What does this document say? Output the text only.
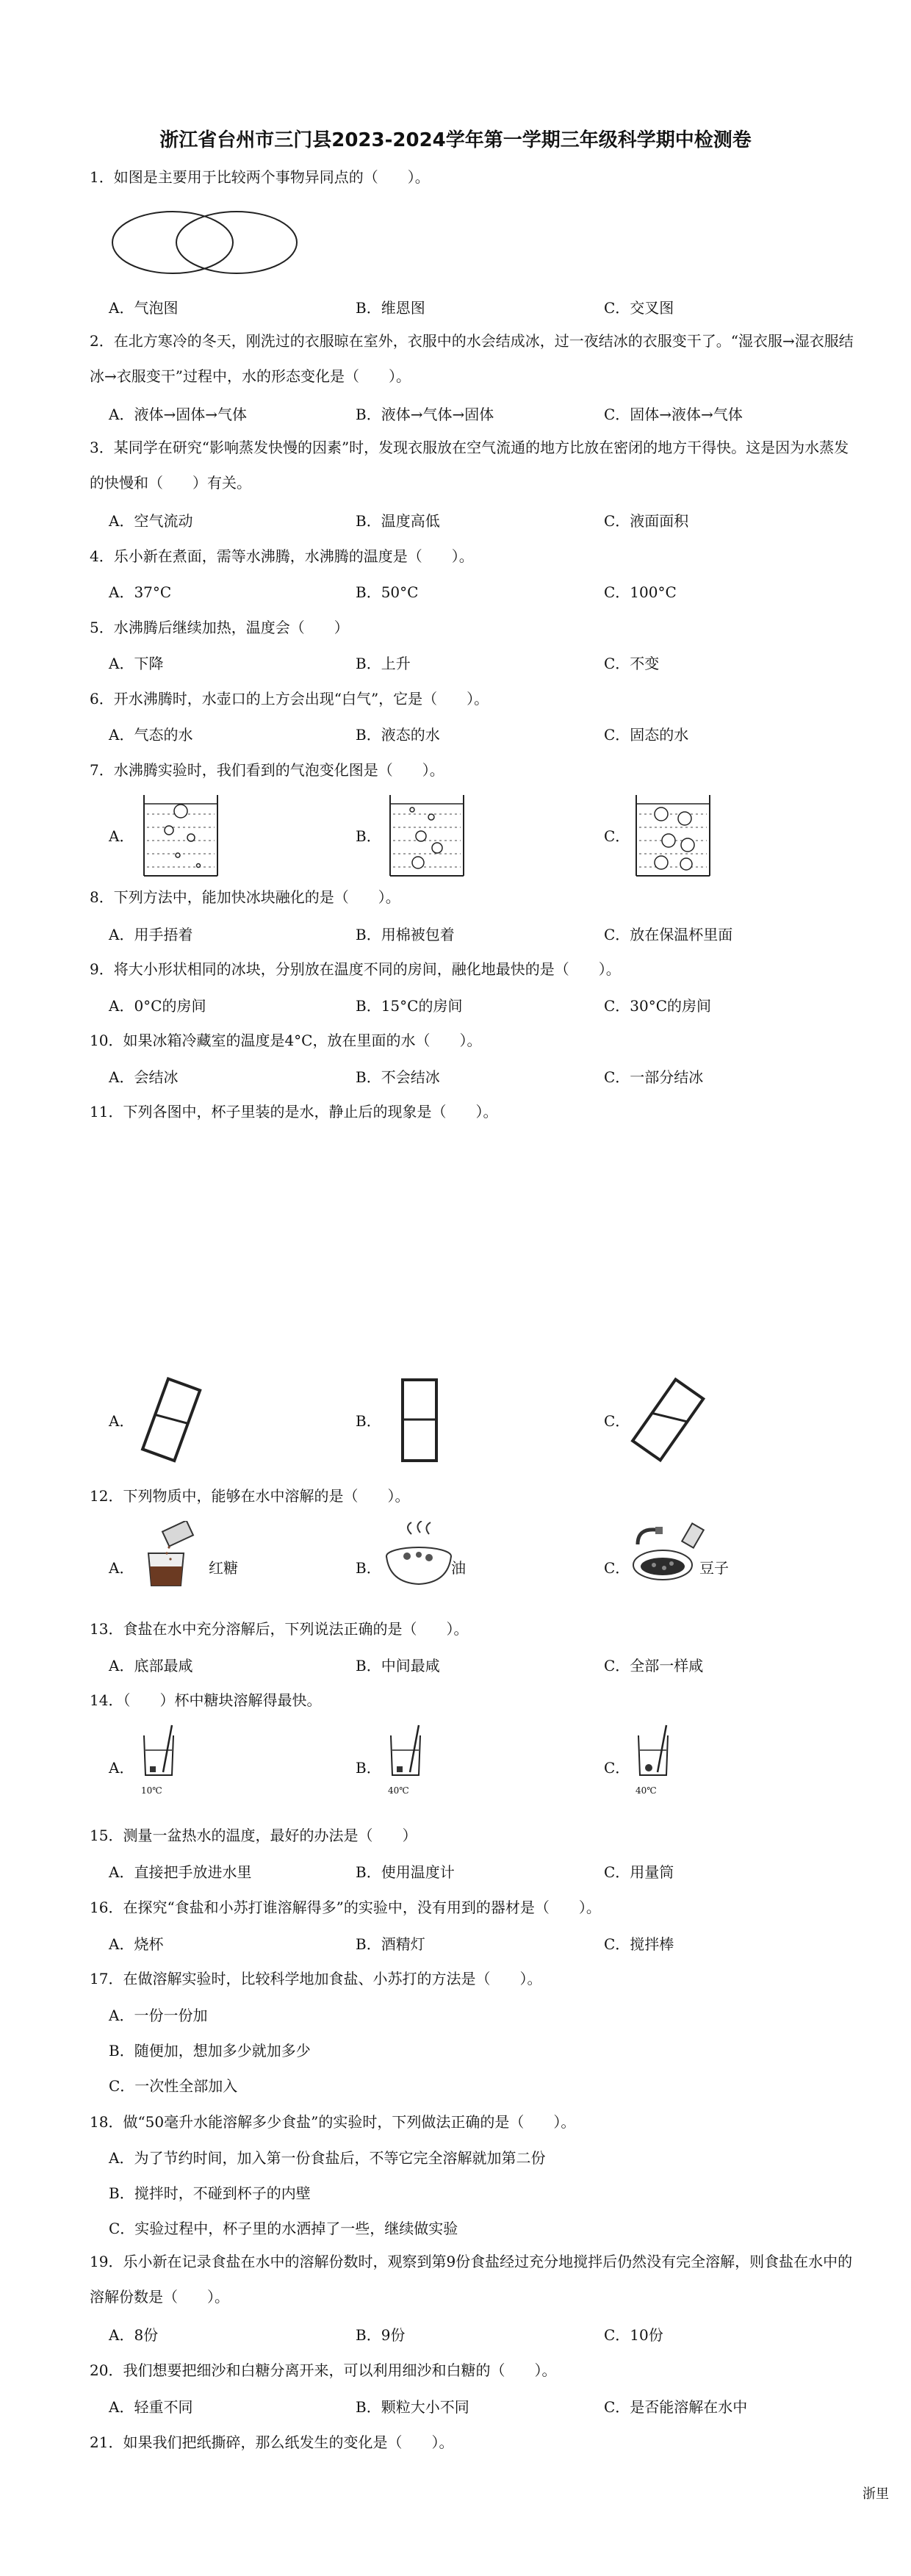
浙江省台州市三门县2023-2024学年第一学期三年级科学期中检测卷
1．如图是主要用于比较两个事物异同点的（　　）。
A．气泡图	B．维恩图	C．交叉图
2．在北方寒冷的冬天，刚洗过的衣服晾在室外，衣服中的水会结成冰，过一夜结冰的衣服变干了。“湿衣服→湿衣服结冰→衣服变干”过程中，水的形态变化是（　　）。
A．液体→固体→气体	B．液体→气体→固体	C．固体→液体→气体
3．某同学在研究“影响蒸发快慢的因素”时，发现衣服放在空气流通的地方比放在密闭的地方干得快。这是因为水蒸发的快慢和（　　）有关。
A．空气流动	B．温度高低	C．液面面积
4．乐小新在煮面，需等水沸腾，水沸腾的温度是（　　）。
A．37°C	B．50°C	C．100°C
5．水沸腾后继续加热，温度会（　　）
A．下降	B．上升	C．不变
6．开水沸腾时，水壶口的上方会出现“白气”，它是（　　）。
A．气态的水	B．液态的水	C．固态的水
7．水沸腾实验时，我们看到的气泡变化图是（　　）。
A．	B．	C．
8．下列方法中，能加快冰块融化的是（　　）。
A．用手捂着	B．用棉被包着	C．放在保温杯里面
9．将大小形状相同的冰块，分别放在温度不同的房间，融化地最快的是（　　）。
A．0°C的房间	B．15°C的房间	C．30°C的房间
10．如果冰箱冷藏室的温度是4°C，放在里面的水（　　）。
A．会结冰	B．不会结冰	C．一部分结冰
11．下列各图中，杯子里装的是水，静止后的现象是（　　）。
A．	B．	C．
12．下列物质中，能够在水中溶解的是（　　）。
A．	B．	C．
红糖	油	豆子
13．食盐在水中充分溶解后，下列说法正确的是（　　）。
A．底部最咸	B．中间最咸	C．全部一样咸
14．（　　）杯中糖块溶解得最快。
A．	B．	C．
10℃	40℃	40℃
15．测量一盆热水的温度，最好的办法是（　　）
A．直接把手放进水里	B．使用温度计	C．用量筒
16．在探究“食盐和小苏打谁溶解得多”的实验中，没有用到的器材是（　　）。
A．烧杯	B．酒精灯	C．搅拌棒
17．在做溶解实验时，比较科学地加食盐、小苏打的方法是（　　）。
A．一份一份加
B．随便加，想加多少就加多少
C．一次性全部加入
18．做“50毫升水能溶解多少食盐”的实验时，下列做法正确的是（　　）。
A．为了节约时间，加入第一份食盐后，不等它完全溶解就加第二份
B．搅拌时，不碰到杯子的内壁
C．实验过程中，杯子里的水洒掉了一些，继续做实验
19．乐小新在记录食盐在水中的溶解份数时，观察到第9份食盐经过充分地搅拌后仍然没有完全溶解，则食盐在水中的溶解份数是（　　）。
A．8份	B．9份	C．10份
20．我们想要把细沙和白糖分离开来，可以利用细沙和白糖的（　　）。
A．轻重不同	B．颗粒大小不同	C．是否能溶解在水中
21．如果我们把纸撕碎，那么纸发生的变化是（　　）。
浙里
